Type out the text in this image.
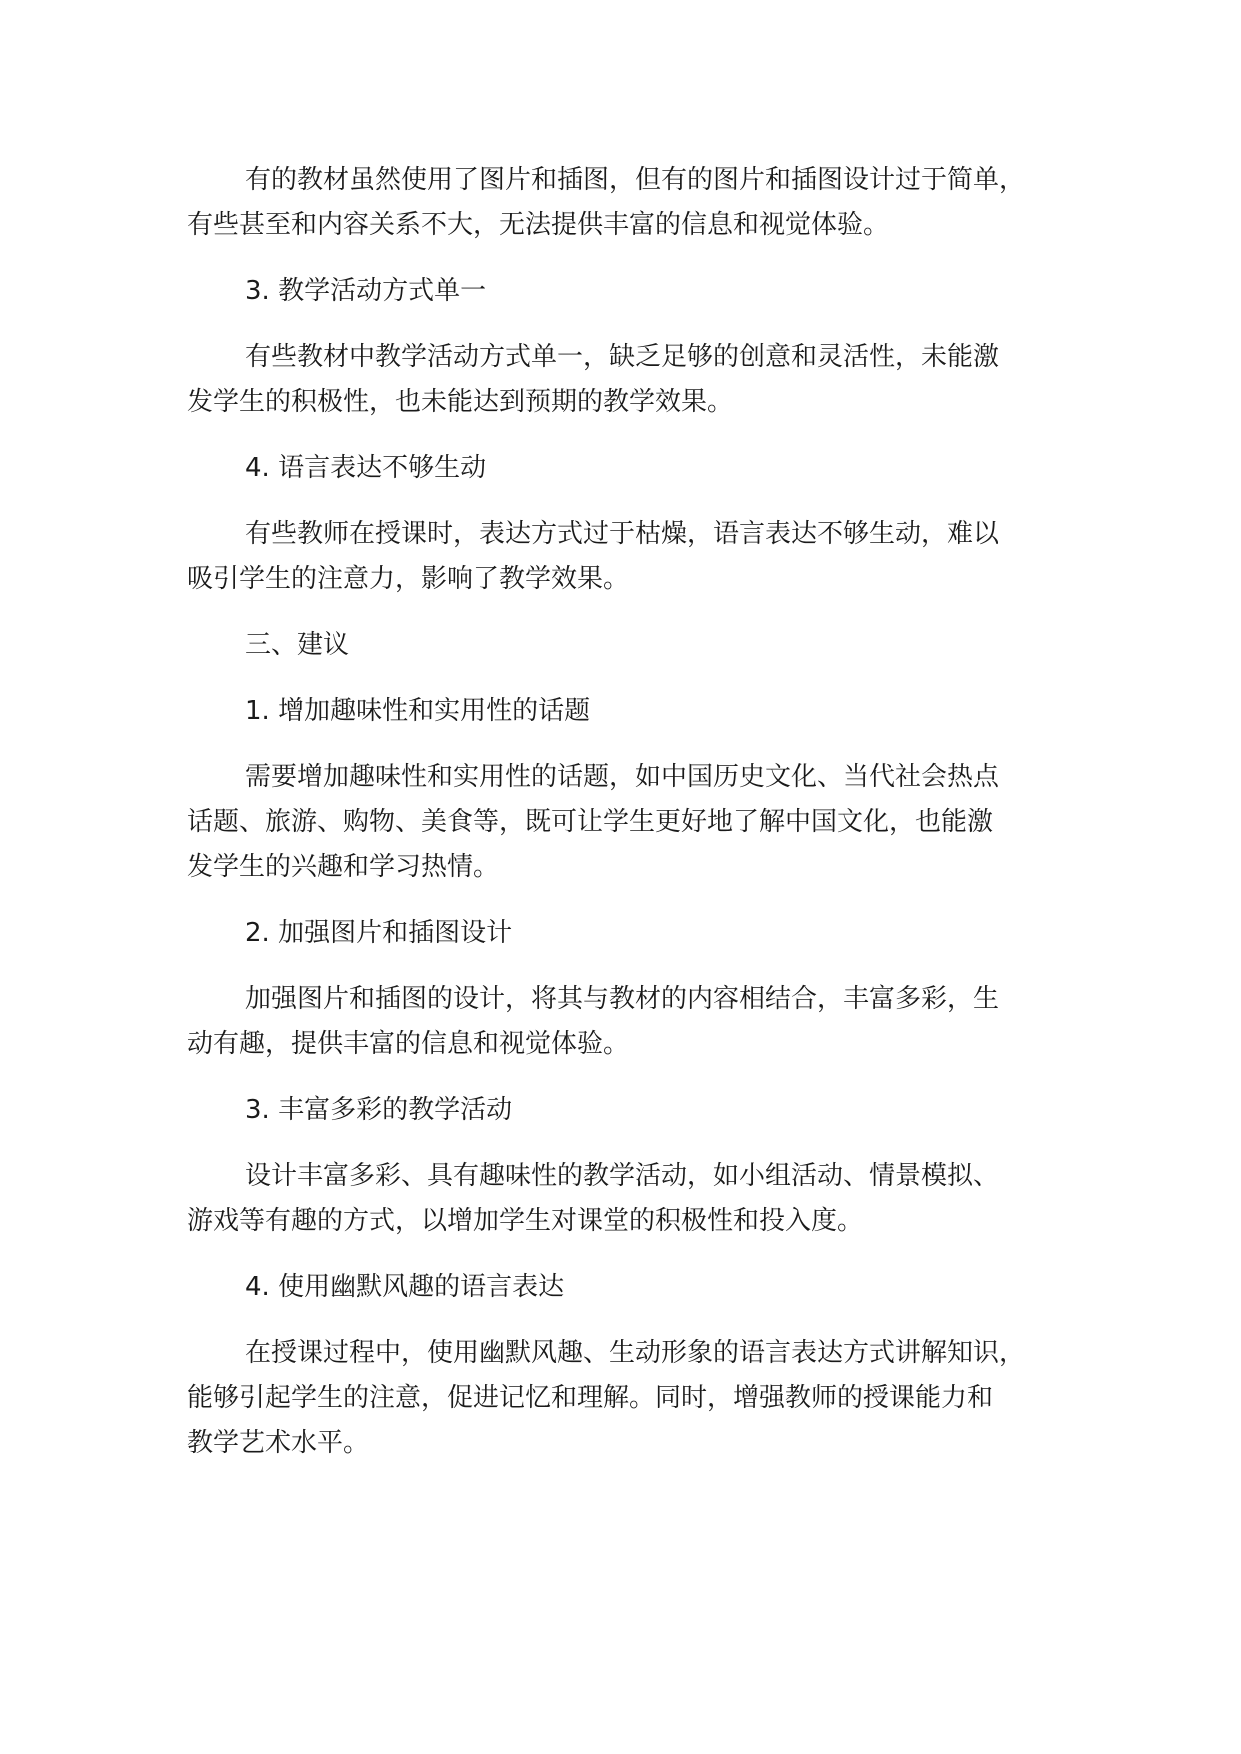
有的教材虽然使用了图片和插图，但有的图片和插图设计过于简单，
有些甚至和内容关系不大，无法提供丰富的信息和视觉体验。

3. 教学活动方式单一

有些教材中教学活动方式单一，缺乏足够的创意和灵活性，未能激
发学生的积极性，也未能达到预期的教学效果。

4. 语言表达不够生动

有些教师在授课时，表达方式过于枯燥，语言表达不够生动，难以
吸引学生的注意力，影响了教学效果。

三、建议

1. 增加趣味性和实用性的话题

需要增加趣味性和实用性的话题，如中国历史文化、当代社会热点
话题、旅游、购物、美食等，既可让学生更好地了解中国文化，也能激
发学生的兴趣和学习热情。

2. 加强图片和插图设计

加强图片和插图的设计，将其与教材的内容相结合，丰富多彩，生
动有趣，提供丰富的信息和视觉体验。

3. 丰富多彩的教学活动

设计丰富多彩、具有趣味性的教学活动，如小组活动、情景模拟、
游戏等有趣的方式，以增加学生对课堂的积极性和投入度。

4. 使用幽默风趣的语言表达

在授课过程中，使用幽默风趣、生动形象的语言表达方式讲解知识，
能够引起学生的注意，促进记忆和理解。同时，增强教师的授课能力和
教学艺术水平。
